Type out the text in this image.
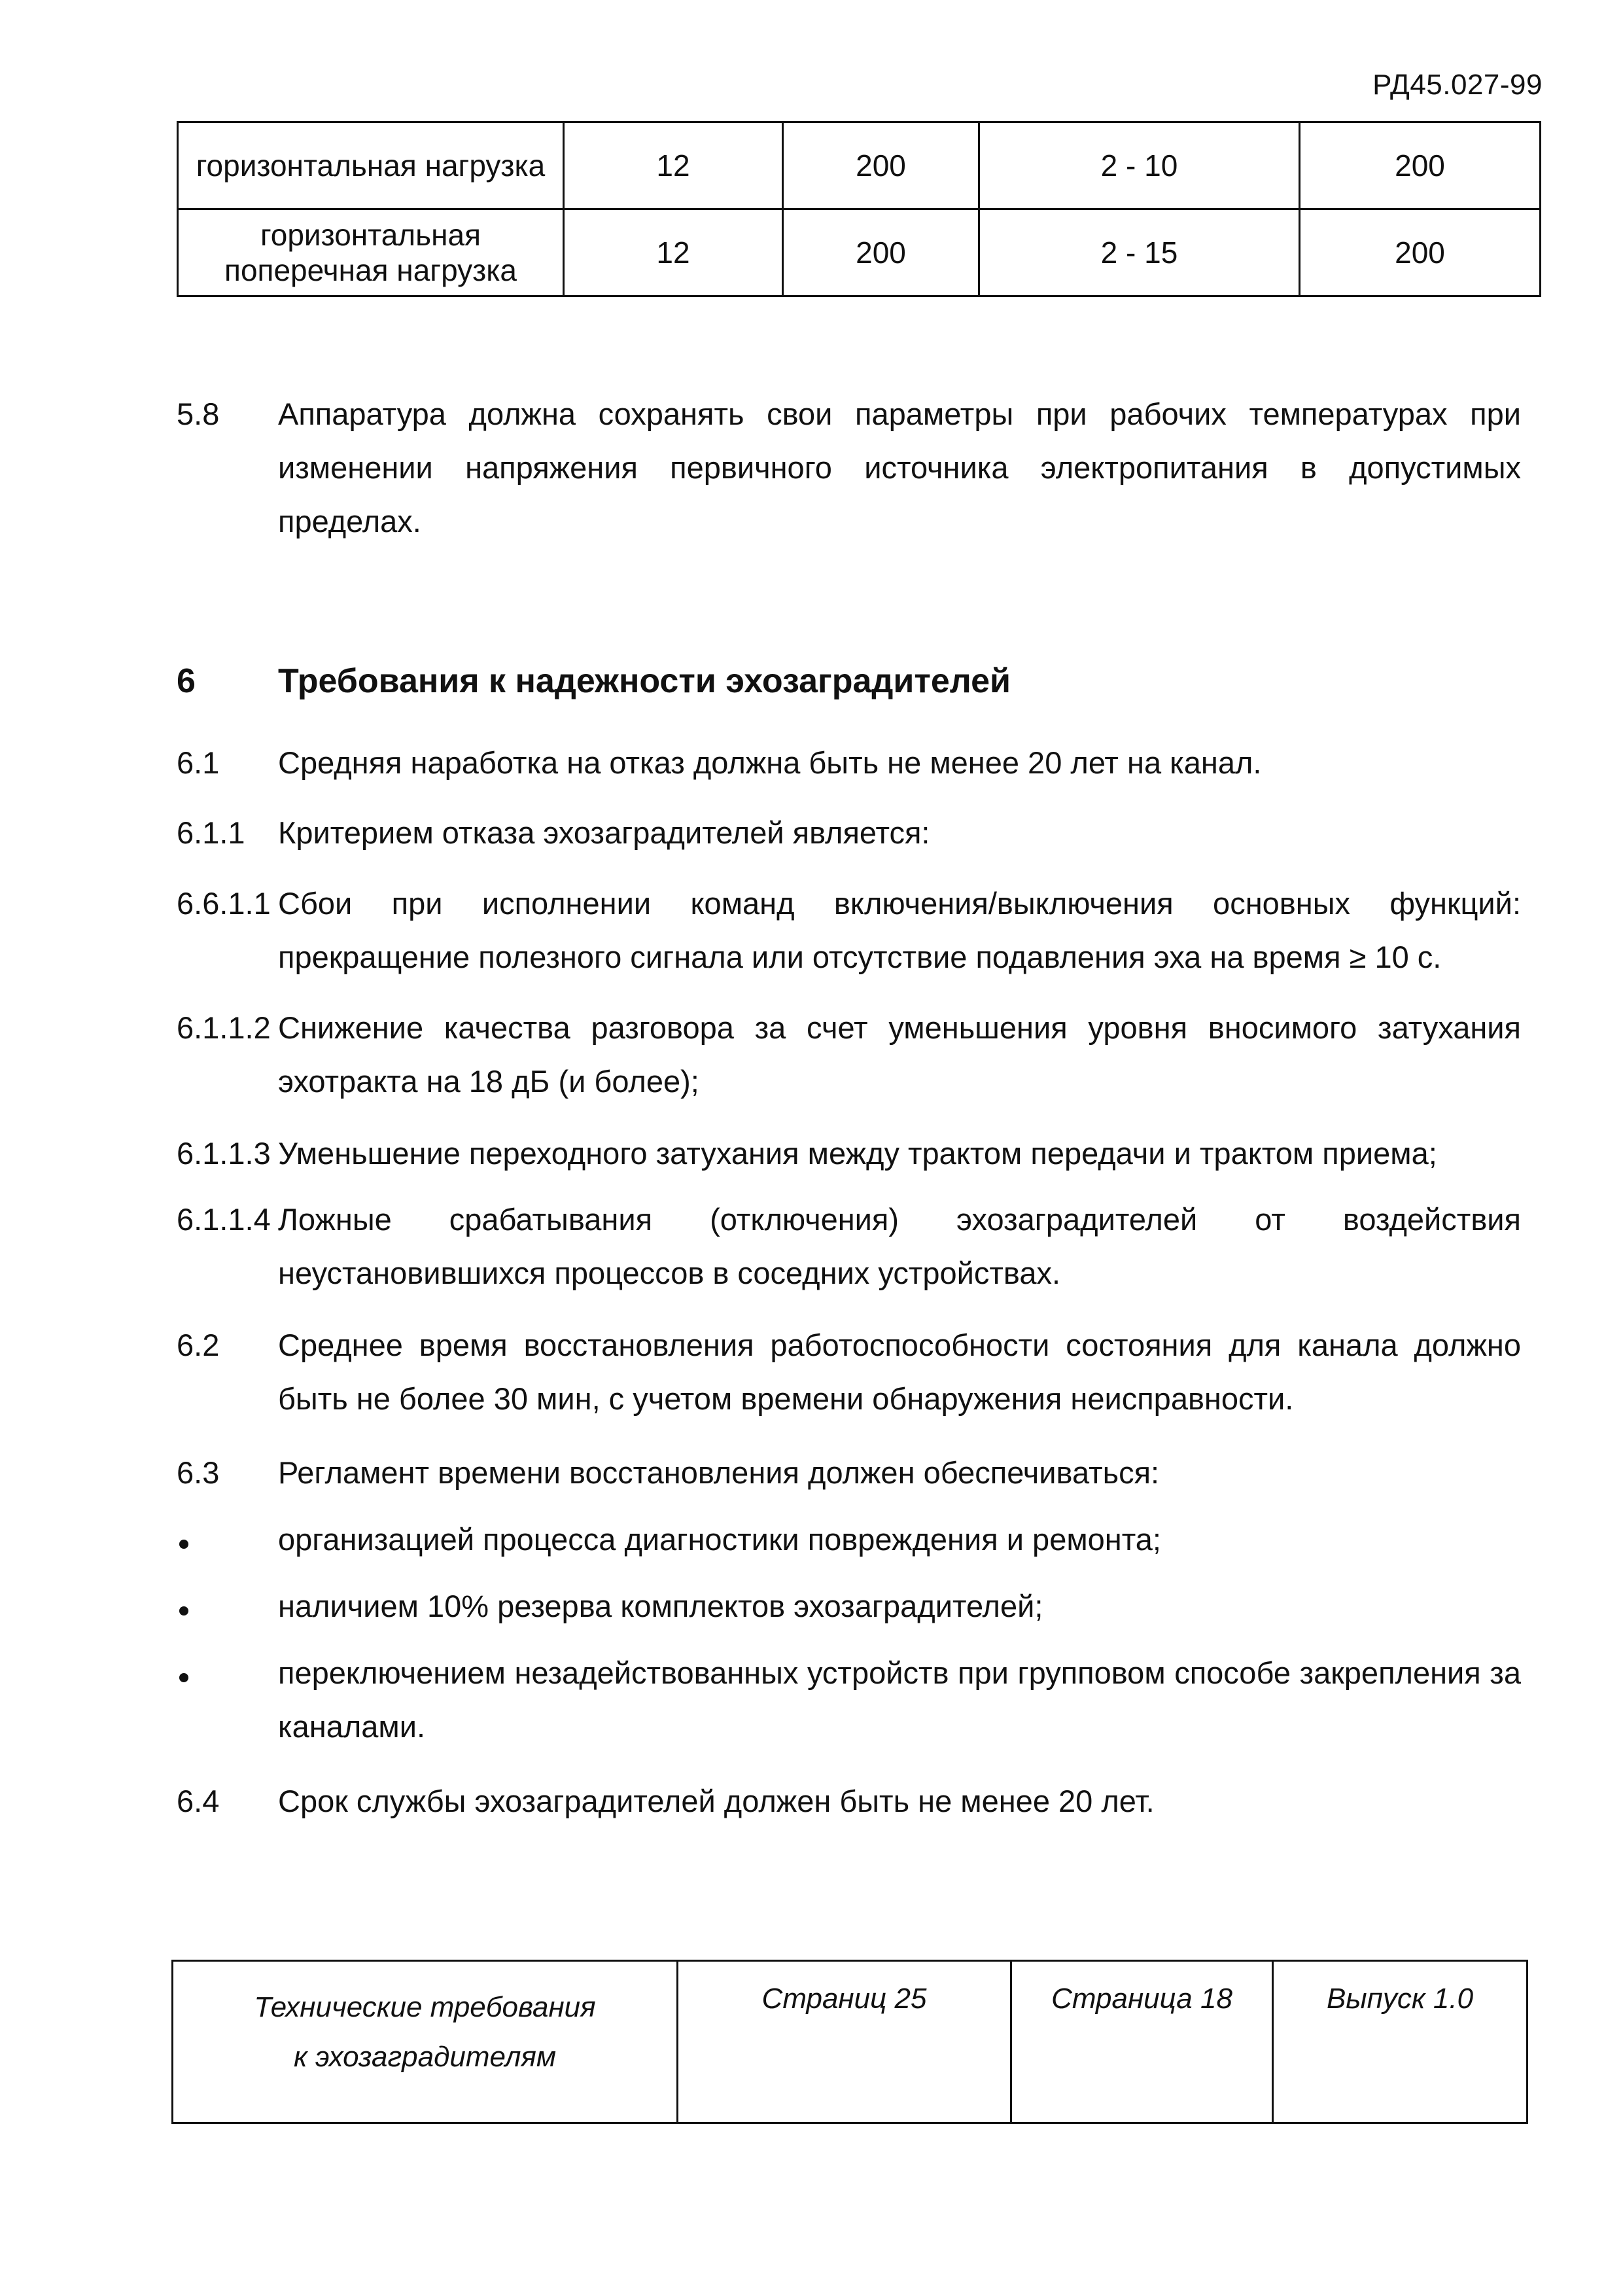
РД45.027-99
горизонтальная нагрузка	12	200	2 - 10	200
горизонтальная поперечная нагрузка	12	200	2 - 15	200
5.8 Аппаратура должна сохранять свои параметры при рабочих температурах при изменении напряжения первичного источника электропитания в допустимых пределах.
6 Требования к надежности эхозаградителей
6.1 Средняя наработка на отказ должна быть не менее 20 лет на канал.
6.1.1 Критерием отказа эхозаградителей является:
6.6.1.1 Сбои при исполнении команд включения/выключения основных функций: прекращение полезного сигнала или отсутствие подавления эха на время ≥ 10 с.
6.1.1.2 Снижение качества разговора за счет уменьшения уровня вносимого затухания эхотракта на 18 дБ (и более);
6.1.1.3 Уменьшение переходного затухания между трактом передачи и трактом приема;
6.1.1.4 Ложные срабатывания (отключения) эхозаградителей от воздействия неустановившихся процессов в соседних устройствах.
6.2 Среднее время восстановления работоспособности состояния для канала должно быть не более 30 мин, с учетом времени обнаружения неисправности.
6.3 Регламент времени восстановления должен обеспечиваться:
организацией процесса диагностики повреждения и ремонта;
наличием 10% резерва комплектов эхозаградителей;
переключением незадействованных устройств при групповом способе закрепления за каналами.
6.4 Срок службы эхозаградителей должен быть не менее 20 лет.
Технические требования
к эхозаградителям
	Страниц 25	Страница 18	Выпуск 1.0
